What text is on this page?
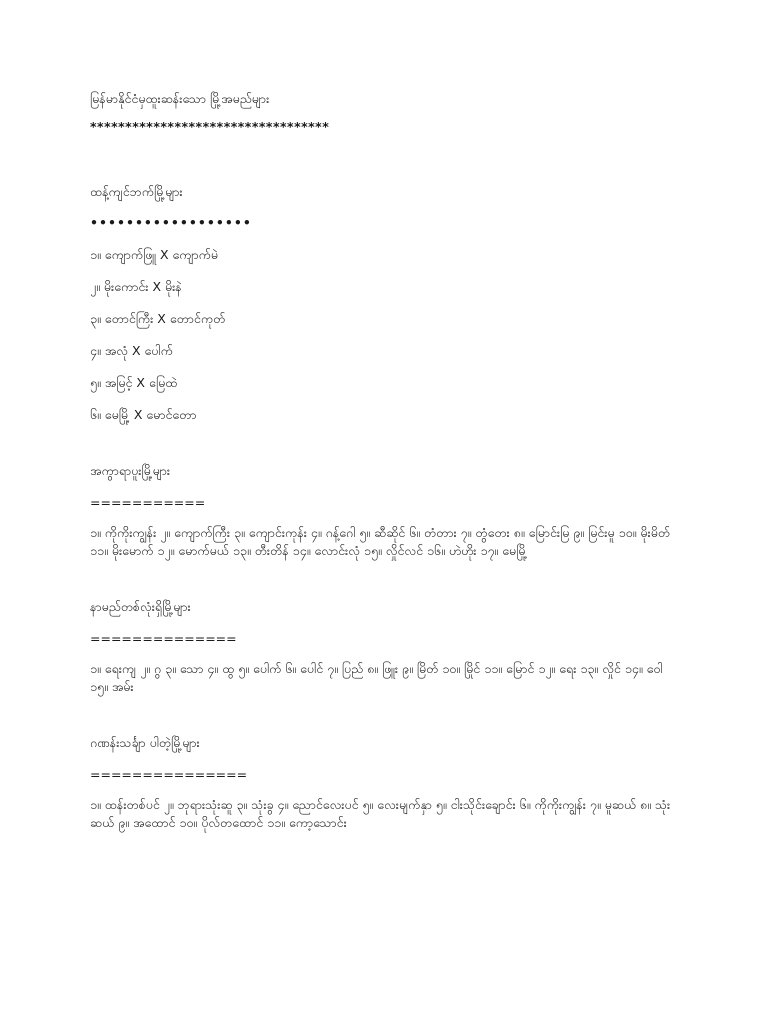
မြန်မာနိုင်ငံမှထူးဆန်းသော မြို့အမည်များ
**********************************
ထန့်ကျင်ဘက်မြို့များ
••••••••••••••••••
၁။ ကျောက်ဖြူ X ကျောက်မဲ
၂။ မိုးကောင်း X မိုးနဲ
၃။ တောင်ကြီး X တောင်ကုတ်
၄။ အလုံ X ပေါက်
၅။ အမြင့် X မြေထဲ
၆။ မေမြို့ X မောင်တော
အကွာရာပူးမြို့များ
===========
၁။ ကိုကိုးကျွန်း ၂။ ကျောက်ကြီး ၃။ ကျောင်းကုန်း ၄။ ဂန့်ဂေါ ၅။ ဆီဆိုင် ၆။ တံတား ၇။ တွံတေး ၈။ မြောင်းမြ ၉။ မြင်းမူ ၁၀။ မိုးမိတ် ၁၁။ မိုးမောက် ၁၂။ မောက်မယ် ၁၃။ တီးတိန် ၁၄။ လောင်းလုံ ၁၅။ လှိုင်လင် ၁၆။ ဟဲဟိုး ၁၇။ မေမြို့
နာမည်တစ်လုံးရှိမြို့များ
==============
၁။ ရေးကျ ၂။ ဂွ ၃။ သော ၄။ ထွ ၅။ ပေါက် ၆။ ပေါင် ၇။ ပြည် ၈။ ဖြူး ၉။ မြိတ် ၁၀။ မြိုင် ၁၁။ မြောင် ၁၂။ ရေး ၁၃။ လှိုင် ၁၄။ ဝေါ ၁၅။ အမ်း
ဂဏန်းသင်္ချာ ပါတဲ့မြို့များ
===============
၁။ ထန်းတစ်ပင် ၂။ ဘုရားသုံးဆူ ၃။ သုံးခွ ၄။ ညောင်လေးပင် ၅။ လေးမျက်နှာ ၅။ ငါးသိုင်းချောင်း ၆။ ကိုကိုးကျွန်း ၇။ မူဆယ် ၈။ သုံးဆယ် ၉။ အထောင် ၁၀။ ပိုလ်တထောင် ၁၁။ ကော့သောင်း
